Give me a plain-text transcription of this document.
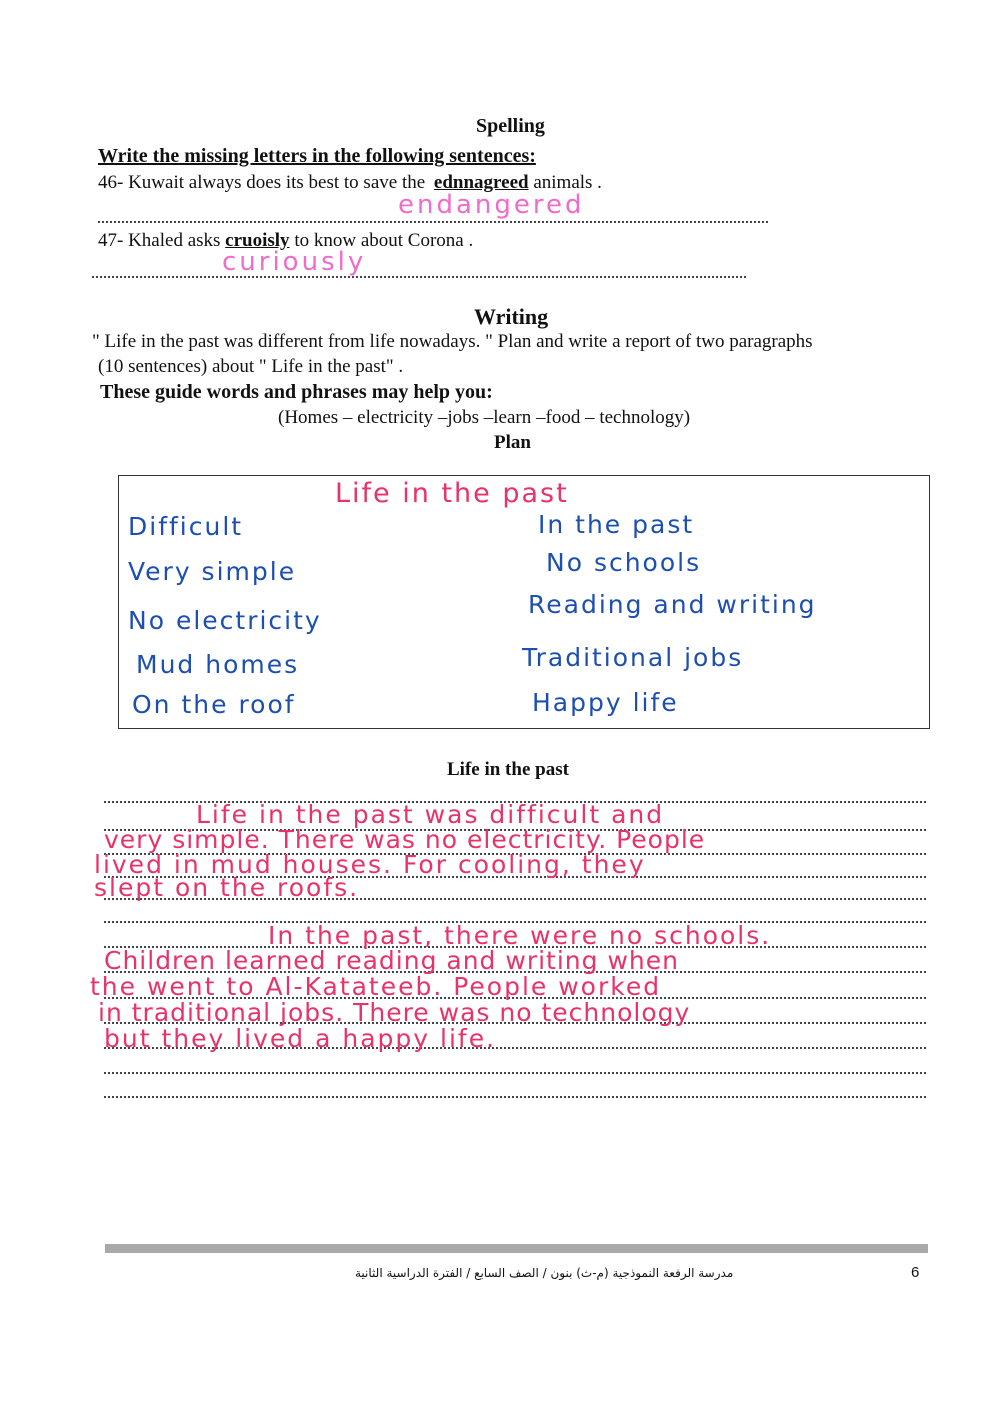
Spelling
Write the missing letters in the following sentences:
46- Kuwait always does its best to save the ednnagreed animals .
endangered
47- Khaled asks cruoisly to know about Corona .
curiously
Writing
" Life in the past was different from life nowadays. " Plan and write a report of two paragraphs
(10 sentences) about " Life in the past" .
These guide words and phrases may help you:
(Homes – electricity –jobs –learn –food – technology)
Plan
Life in the past
Difficult
Very simple
No electricity
Mud homes
On the roof
In the past
No schools
Reading and writing
Traditional jobs
Happy life
Life in the past
Life in the past was difficult and
very simple. There was no electricity. People
lived in mud houses. For cooling, they
slept on the roofs.
In the past, there were no schools.
Children learned reading and writing when
the went to Al-Katateeb. People worked
in traditional jobs. There was no technology
but they lived a happy life.
مدرسة الرفعة النموذجية (م-ث) بنون / الصف السابع / الفترة الدراسية الثانية	6
